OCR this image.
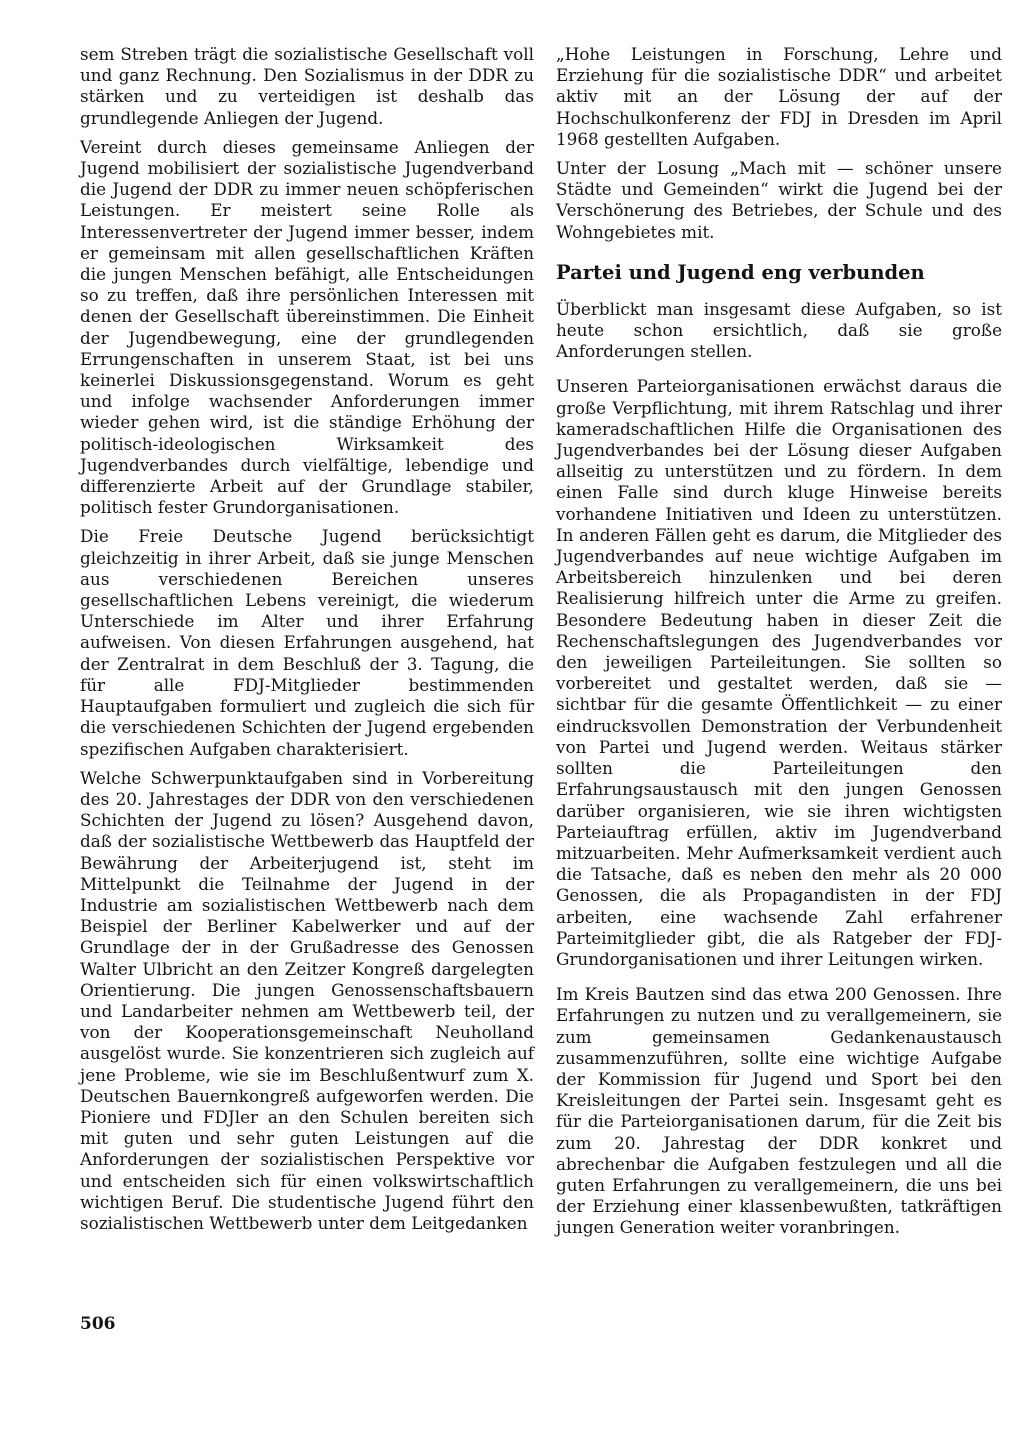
sem Streben trägt die sozialistische Gesellschaft voll und ganz Rechnung. Den Sozialismus in der DDR zu stärken und zu verteidigen ist deshalb das grundlegende Anliegen der Jugend.

Vereint durch dieses gemeinsame Anliegen der Jugend mobilisiert der sozialistische Jugendverband die Jugend der DDR zu immer neuen schöpferischen Leistungen. Er meistert seine Rolle als Interessenvertreter der Jugend immer besser, indem er gemeinsam mit allen gesellschaftlichen Kräften die jungen Menschen befähigt, alle Entscheidungen so zu treffen, daß ihre persönlichen Interessen mit denen der Gesellschaft übereinstimmen. Die Einheit der Jugendbewegung, eine der grundlegenden Errungenschaften in unserem Staat, ist bei uns keinerlei Diskussionsgegenstand. Worum es geht und infolge wachsender Anforderungen immer wieder gehen wird, ist die ständige Erhöhung der politisch-ideologischen Wirksamkeit des Jugendverbandes durch vielfältige, lebendige und differenzierte Arbeit auf der Grundlage stabiler, politisch fester Grundorganisationen.

Die Freie Deutsche Jugend berücksichtigt gleichzeitig in ihrer Arbeit, daß sie junge Menschen aus verschiedenen Bereichen unseres gesellschaftlichen Lebens vereinigt, die wiederum Unterschiede im Alter und ihrer Erfahrung aufweisen. Von diesen Erfahrungen ausgehend, hat der Zentralrat in dem Beschluß der 3. Tagung, die für alle FDJ-Mitglieder bestimmenden Hauptaufgaben formuliert und zugleich die sich für die verschiedenen Schichten der Jugend ergebenden spezifischen Aufgaben charakterisiert.

Welche Schwerpunktaufgaben sind in Vorbereitung des 20. Jahrestages der DDR von den verschiedenen Schichten der Jugend zu lösen? Ausgehend davon, daß der sozialistische Wettbewerb das Hauptfeld der Bewährung der Arbeiterjugend ist, steht im Mittelpunkt die Teilnahme der Jugend in der Industrie am sozialistischen Wettbewerb nach dem Beispiel der Berliner Kabelwerker und auf der Grundlage der in der Grußadresse des Genossen Walter Ulbricht an den Zeitzer Kongreß dargelegten Orientierung. Die jungen Genossenschaftsbauern und Landarbeiter nehmen am Wettbewerb teil, der von der Kooperationsgemeinschaft Neuholland ausgelöst wurde. Sie konzentrieren sich zugleich auf jene Probleme, wie sie im Beschlußentwurf zum X. Deutschen Bauernkongreß aufgeworfen werden. Die Pioniere und FDJler an den Schulen bereiten sich mit guten und sehr guten Leistungen auf die Anforderungen der sozialistischen Perspektive vor und entscheiden sich für einen volkswirtschaftlich wichtigen Beruf. Die studentische Jugend führt den sozialistischen Wettbewerb unter dem Leitgedanken

„Hohe Leistungen in Forschung, Lehre und Erziehung für die sozialistische DDR“ und arbeitet aktiv mit an der Lösung der auf der Hochschulkonferenz der FDJ in Dresden im April 1968 gestellten Aufgaben.

Unter der Losung „Mach mit — schöner unsere Städte und Gemeinden“ wirkt die Jugend bei der Verschönerung des Betriebes, der Schule und des Wohngebietes mit.

Partei und Jugend eng verbunden

Überblickt man insgesamt diese Aufgaben, so ist heute schon ersichtlich, daß sie große Anforderungen stellen.

Unseren Parteiorganisationen erwächst daraus die große Verpflichtung, mit ihrem Ratschlag und ihrer kameradschaftlichen Hilfe die Organisationen des Jugendverbandes bei der Lösung dieser Aufgaben allseitig zu unterstützen und zu fördern. In dem einen Falle sind durch kluge Hinweise bereits vorhandene Initiativen und Ideen zu unterstützen. In anderen Fällen geht es darum, die Mitglieder des Jugendverbandes auf neue wichtige Aufgaben im Arbeitsbereich hinzulenken und bei deren Realisierung hilfreich unter die Arme zu greifen. Besondere Bedeutung haben in dieser Zeit die Rechenschaftslegungen des Jugendverbandes vor den jeweiligen Parteileitungen. Sie sollten so vorbereitet und gestaltet werden, daß sie — sichtbar für die gesamte Öffentlichkeit — zu einer eindrucksvollen Demonstration der Verbundenheit von Partei und Jugend werden. Weitaus stärker sollten die Parteileitungen den Erfahrungsaustausch mit den jungen Genossen darüber organisieren, wie sie ihren wichtigsten Parteiauftrag erfüllen, aktiv im Jugendverband mitzuarbeiten. Mehr Aufmerksamkeit verdient auch die Tatsache, daß es neben den mehr als 20 000 Genossen, die als Propagandisten in der FDJ arbeiten, eine wachsende Zahl erfahrener Parteimitglieder gibt, die als Ratgeber der FDJ-Grundorganisationen und ihrer Leitungen wirken.

Im Kreis Bautzen sind das etwa 200 Genossen. Ihre Erfahrungen zu nutzen und zu verallgemeinern, sie zum gemeinsamen Gedankenaustausch zusammenzuführen, sollte eine wichtige Aufgabe der Kommission für Jugend und Sport bei den Kreisleitungen der Partei sein. Insgesamt geht es für die Parteiorganisationen darum, für die Zeit bis zum 20. Jahrestag der DDR konkret und abrechenbar die Aufgaben festzulegen und all die guten Erfahrungen zu verallgemeinern, die uns bei der Erziehung einer klassenbewußten, tatkräftigen jungen Generation weiter voranbringen.

506
